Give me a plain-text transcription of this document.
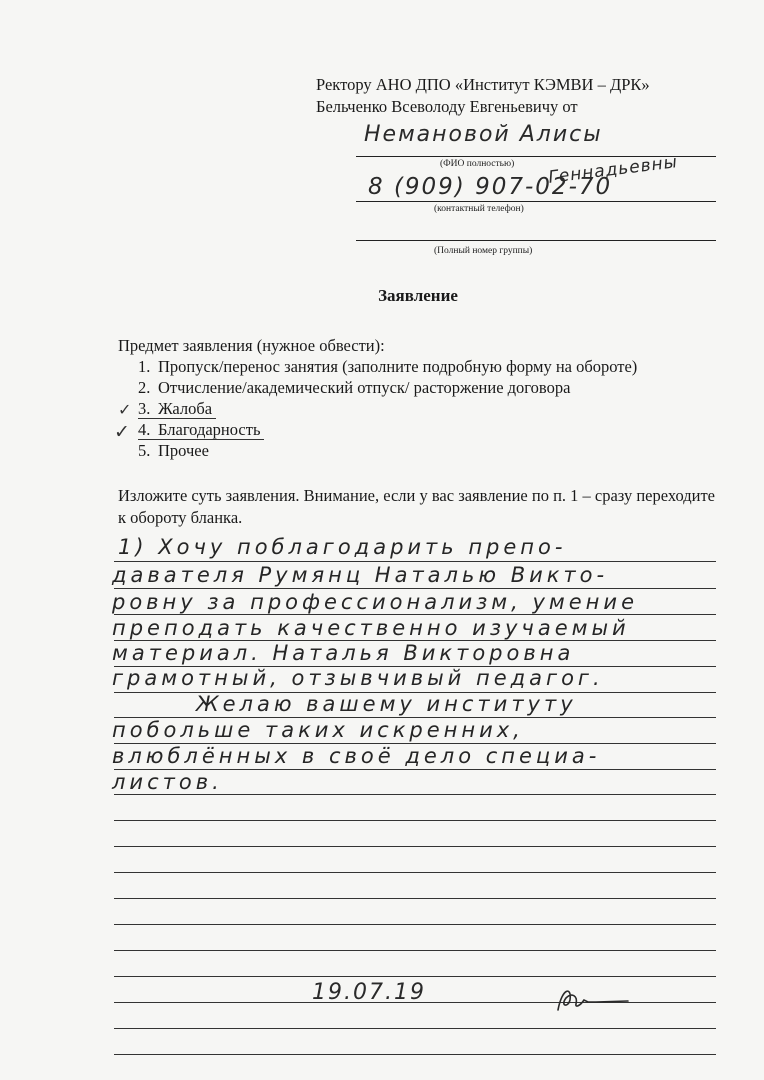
Ректору АНО ДПО «Институт КЭМВИ – ДРК»
Бельченко Всеволоду Евгеньевичу от
Немановой Алисы
Геннадьевны
(ФИО полностью)
8 (909) 907-02-70
(контактный телефон)
(Полный номер группы)
Заявление
Предмет заявления (нужное обвести):
1. Пропуск/перенос занятия (заполните подробную форму на обороте)
2. Отчисление/академический отпуск/ расторжение договора
3. Жалоба
4. Благодарность
5. Прочее
✓
✓
Изложите суть заявления. Внимание, если у вас заявление по п. 1 – сразу переходите к обороту бланка.
1) Хочу поблагодарить препо-
давателя Румянц Наталью Викто-
ровну за профессионализм, умение
преподать качественно изучаемый
материал. Наталья Викторовна
грамотный, отзывчивый педагог.
Желаю вашему институту
побольше таких искренних,
влюблённых в своё дело специа-
листов.
19.07.19
